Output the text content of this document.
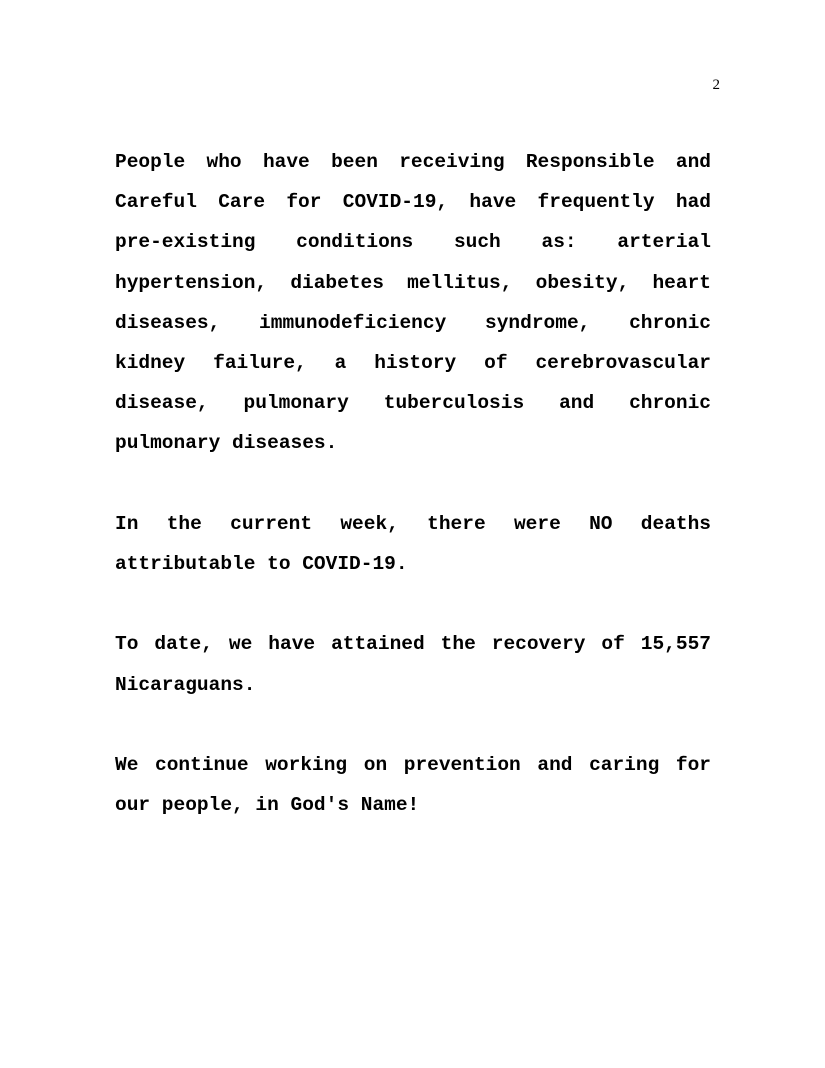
2

People who have been receiving Responsible and Careful Care for COVID-19, have frequently had pre-existing conditions such as: arterial hypertension, diabetes mellitus, obesity, heart diseases, immunodeficiency syndrome, chronic kidney failure, a history of cerebrovascular disease, pulmonary tuberculosis and chronic pulmonary diseases.

In the current week, there were NO deaths attributable to COVID-19.

To date, we have attained the recovery of 15,557 Nicaraguans.

We continue working on prevention and caring for our people, in God's Name!
